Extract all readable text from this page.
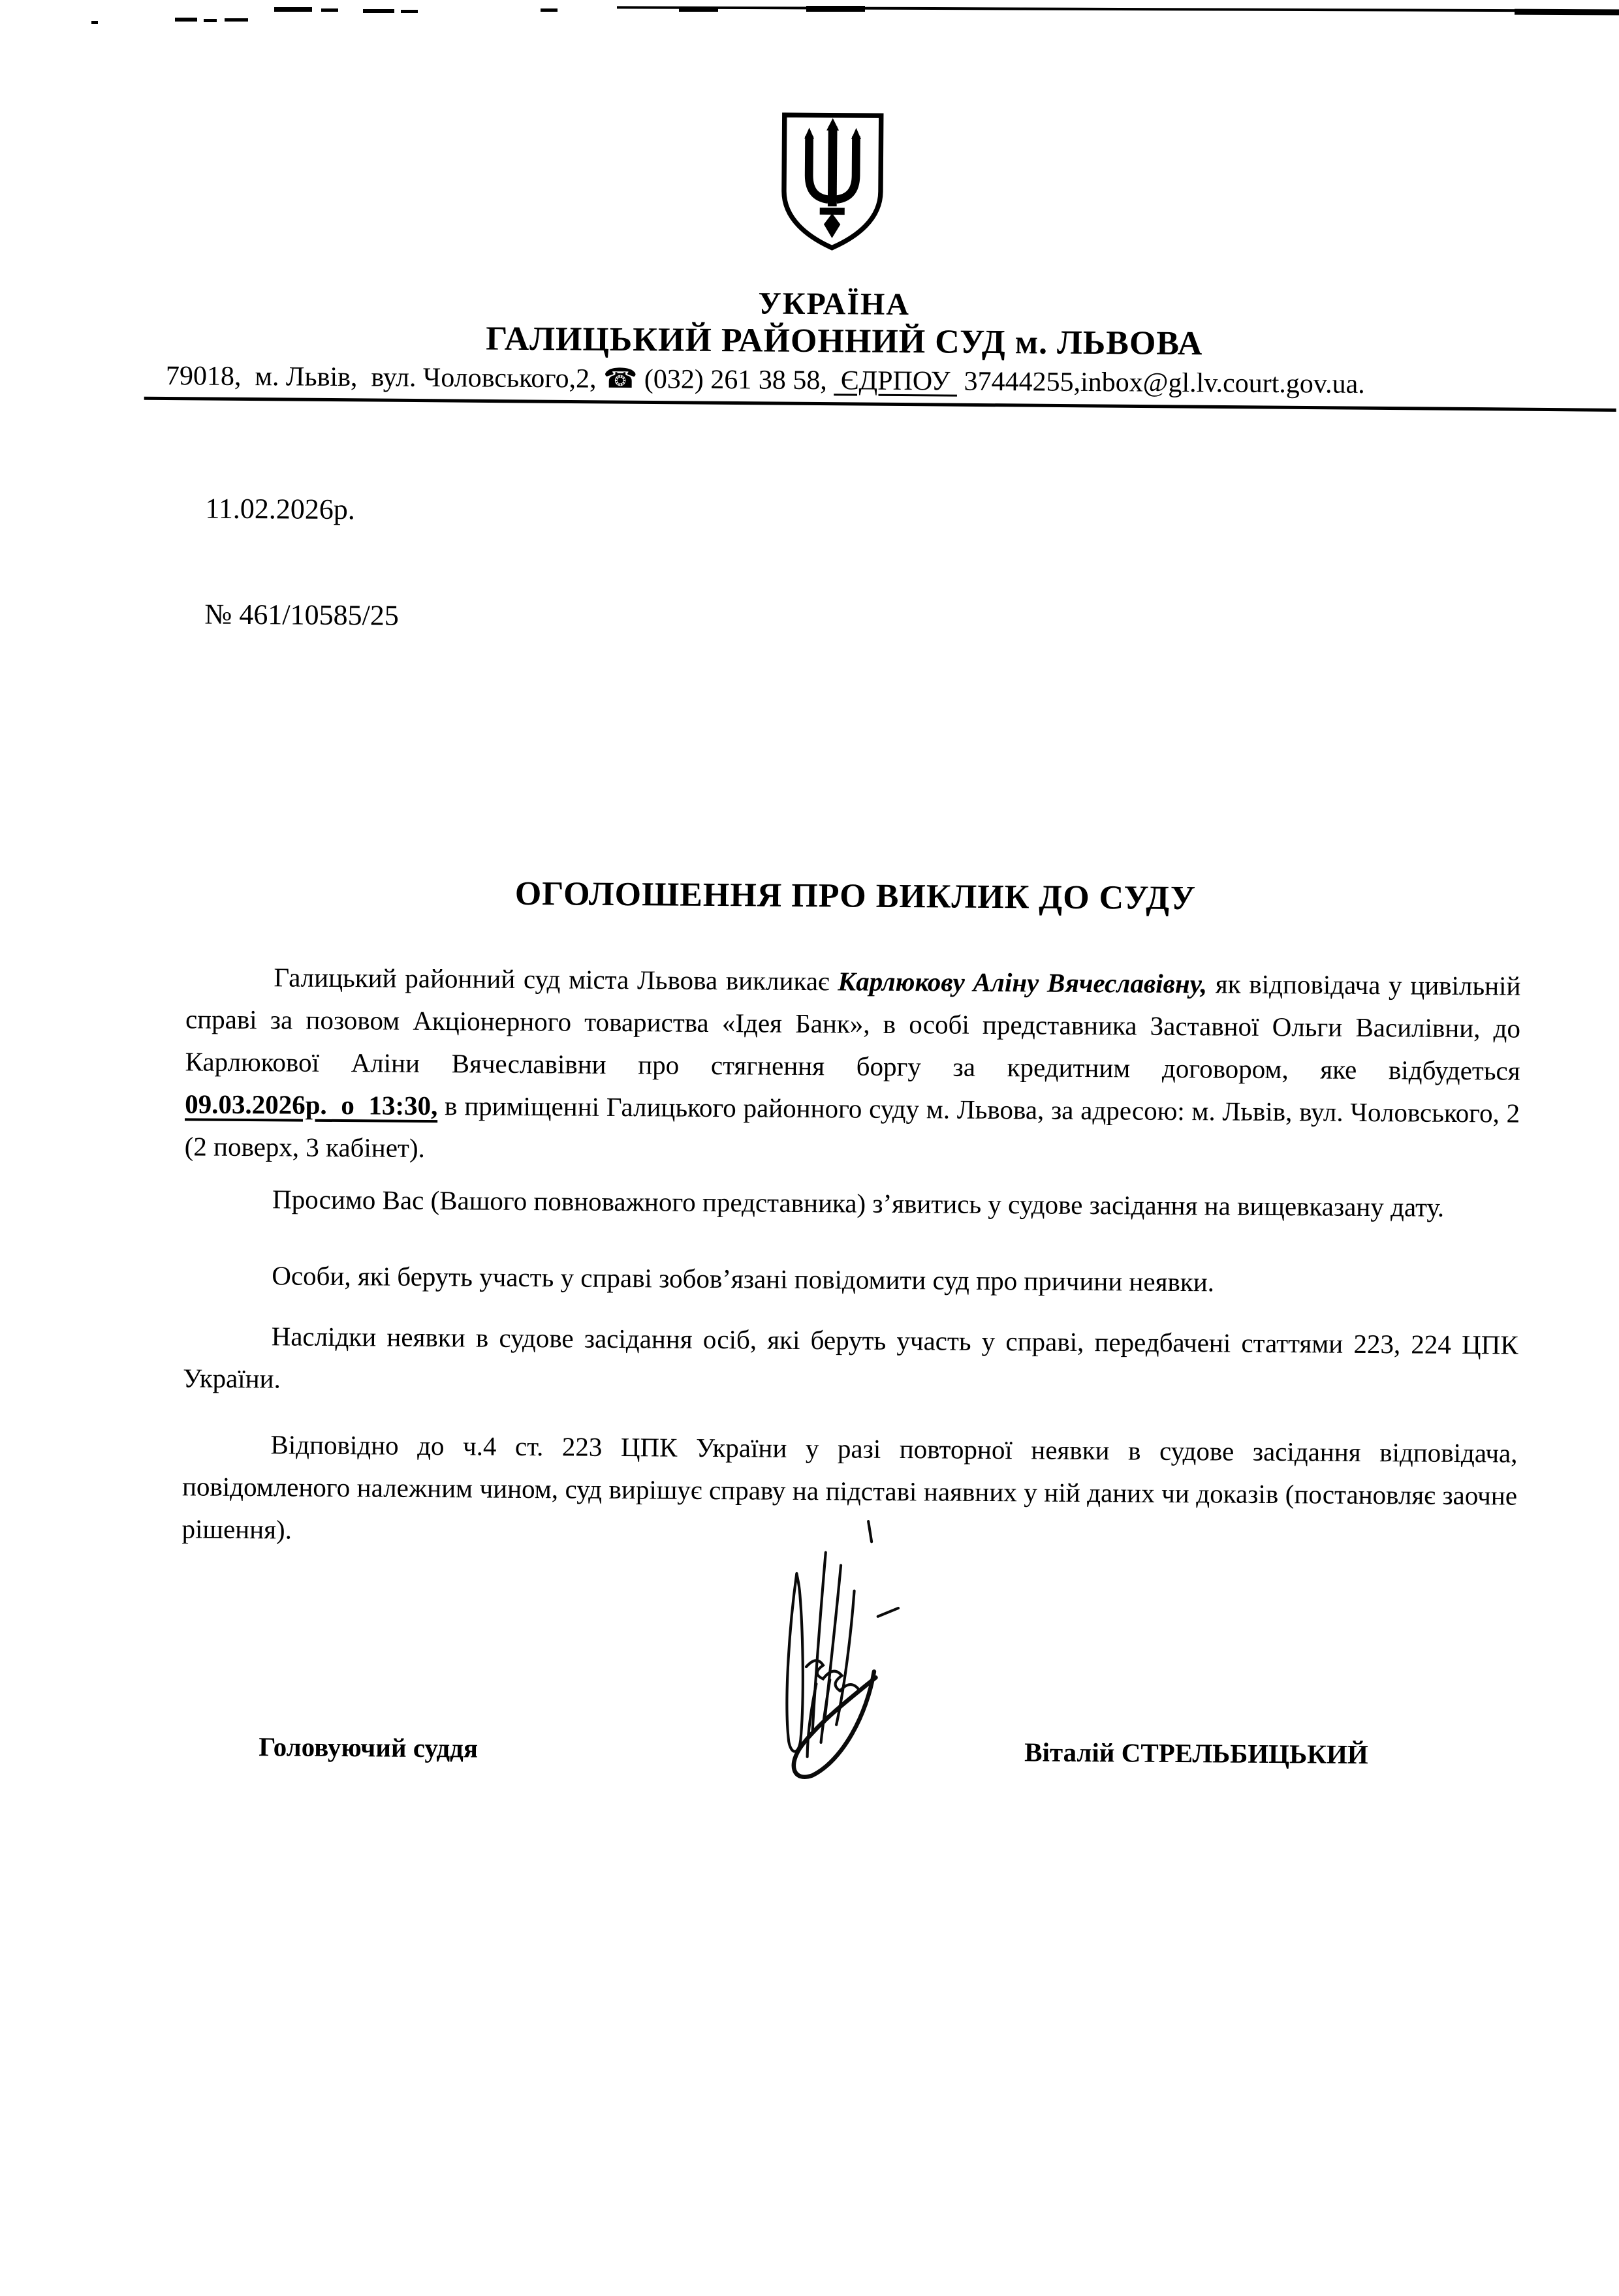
УКРАЇНА
ГАЛИЦЬКИЙ РАЙОННИЙ СУД м. ЛЬВОВА
79018,  м. Львів,  вул. Чоловського,2, ☎ (032) 261 38 58,  ЄДРПОУ  37444255,inbox@gl.lv.court.gov.ua.

11.02.2026р.

№ 461/10585/25

ОГОЛОШЕННЯ ПРО ВИКЛИК ДО СУДУ

Галицький районний суд міста Львова викликає Карлюкову Аліну Вячеславівну, як відповідача у цивільній справі за позовом Акціонерного товариства «Ідея Банк», в особі представника Заставної Ольги Василівни, до Карлюкової Аліни Вячеславівни про стягнення боргу за кредитним договором, яке відбудеться 09.03.2026р.  о  13:30, в приміщенні Галицького районного суду м. Львова, за адресою: м. Львів, вул. Чоловського, 2 (2 поверх, 3 кабінет).

Просимо Вас (Вашого повноважного представника) з’явитись у судове засідання на вищевказану дату.

Особи, які беруть участь у справі зобов’язані повідомити суд про причини неявки.

Наслідки неявки в судове засідання осіб, які беруть участь у справі, передбачені статтями 223, 224 ЦПК України.

Відповідно до ч.4 ст. 223 ЦПК України у разі повторної неявки в судове засідання відповідача, повідомленого належним чином, суд вирішує справу на підставі наявних у ній даних чи доказів (постановляє заочне рішення).

Головуючий суддя	Віталій СТРЕЛЬБИЦЬКИЙ
